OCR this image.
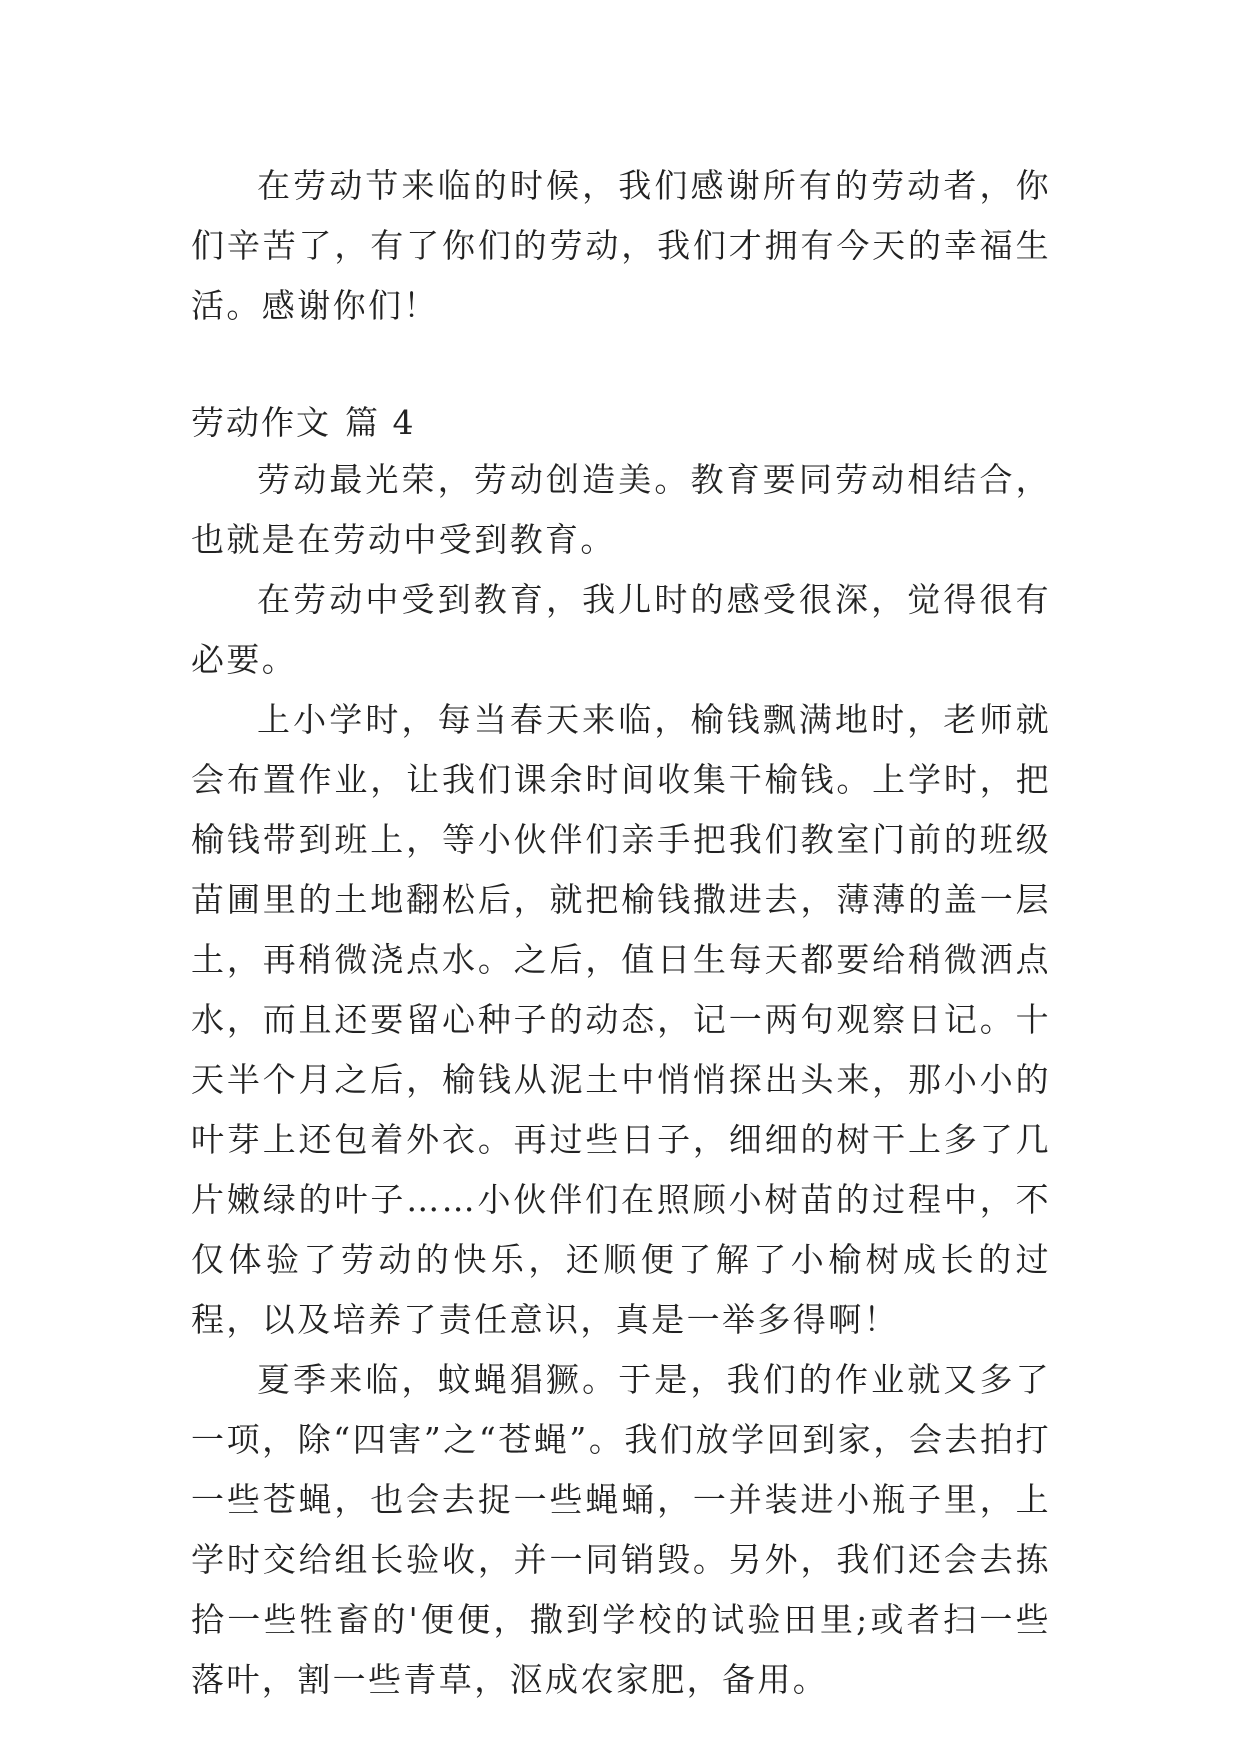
在劳动节来临的时候，我们感谢所有的劳动者，你们辛苦了，有了你们的劳动，我们才拥有今天的幸福生活。感谢你们！

劳动作文 篇 4

劳动最光荣，劳动创造美。教育要同劳动相结合，也就是在劳动中受到教育。

在劳动中受到教育，我儿时的感受很深，觉得很有必要。

上小学时，每当春天来临，榆钱飘满地时，老师就会布置作业，让我们课余时间收集干榆钱。上学时，把榆钱带到班上，等小伙伴们亲手把我们教室门前的班级苗圃里的土地翻松后，就把榆钱撒进去，薄薄的盖一层土，再稍微浇点水。之后，值日生每天都要给稍微洒点水，而且还要留心种子的动态，记一两句观察日记。十天半个月之后，榆钱从泥土中悄悄探出头来，那小小的叶芽上还包着外衣。再过些日子，细细的树干上多了几片嫩绿的叶子……小伙伴们在照顾小树苗的过程中，不仅体验了劳动的快乐，还顺便了解了小榆树成长的过程，以及培养了责任意识，真是一举多得啊！

夏季来临，蚊蝇猖獗。于是，我们的作业就又多了一项，除“四害”之“苍蝇”。我们放学回到家，会去拍打一些苍蝇，也会去捉一些蝇蛹，一并装进小瓶子里，上学时交给组长验收，并一同销毁。另外，我们还会去拣拾一些牲畜的'便便，撒到学校的试验田里;或者扫一些落叶，割一些青草，沤成农家肥，备用。
